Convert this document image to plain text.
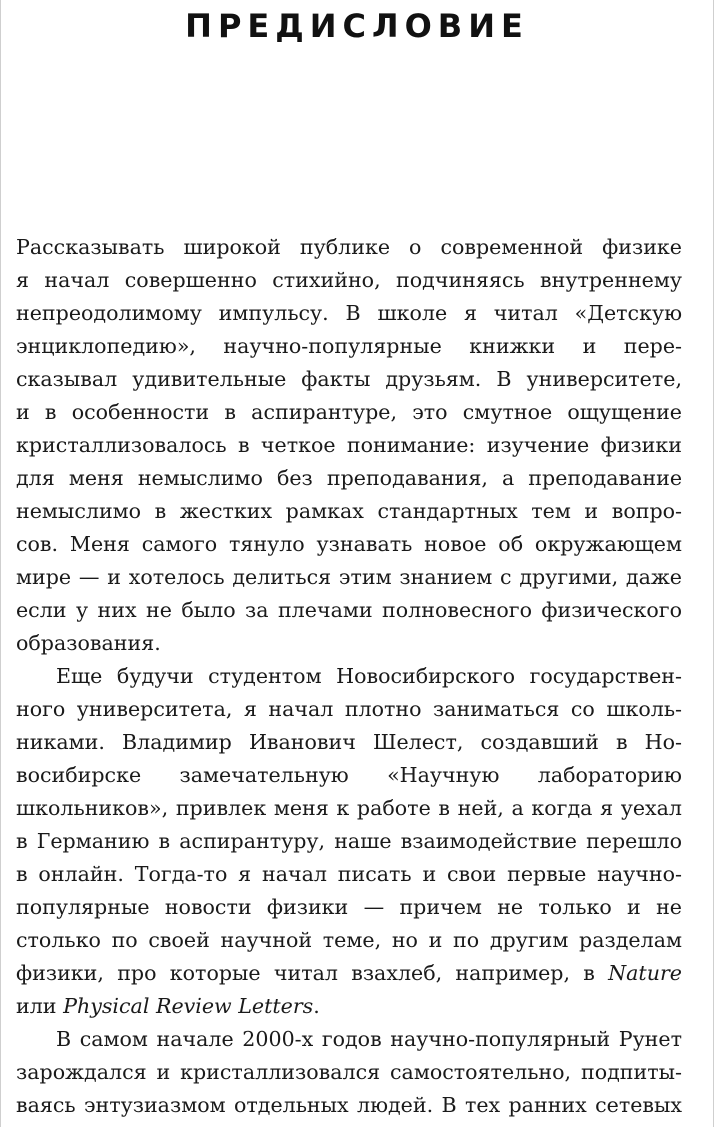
ПРЕДИСЛОВИЕ
Рассказывать широкой публике о современной физике
я начал совершенно стихийно, подчиняясь внутреннему
непреодолимому импульсу. В школе я читал «Детскую
энциклопедию», научно-популярные книжки и пере-
сказывал удивительные факты друзьям. В университете,
и в особенности в аспирантуре, это смутное ощущение
кристаллизовалось в четкое понимание: изучение физики
для меня немыслимо без преподавания, а преподавание
немыслимо в жестких рамках стандартных тем и вопро-
сов. Меня самого тянуло узнавать новое об окружающем
мире — и хотелось делиться этим знанием с другими, даже
если у них не было за плечами полновесного физического
образования.
Еще будучи студентом Новосибирского государствен-
ного университета, я начал плотно заниматься со школь-
никами. Владимир Иванович Шелест, создавший в Но-
восибирске замечательную «Научную лабораторию
школьников», привлек меня к работе в ней, а когда я уехал
в Германию в аспирантуру, наше взаимодействие перешло
в онлайн. Тогда-то я начал писать и свои первые научно-
популярные новости физики — причем не только и не
столько по своей научной теме, но и по другим разделам
физики, про которые читал взахлеб, например, в Nature
или Physical Review Letters.
В самом начале 2000-х годов научно-популярный Рунет
зарождался и кристаллизовался самостоятельно, подпиты-
ваясь энтузиазмом отдельных людей. В тех ранних сетевых
